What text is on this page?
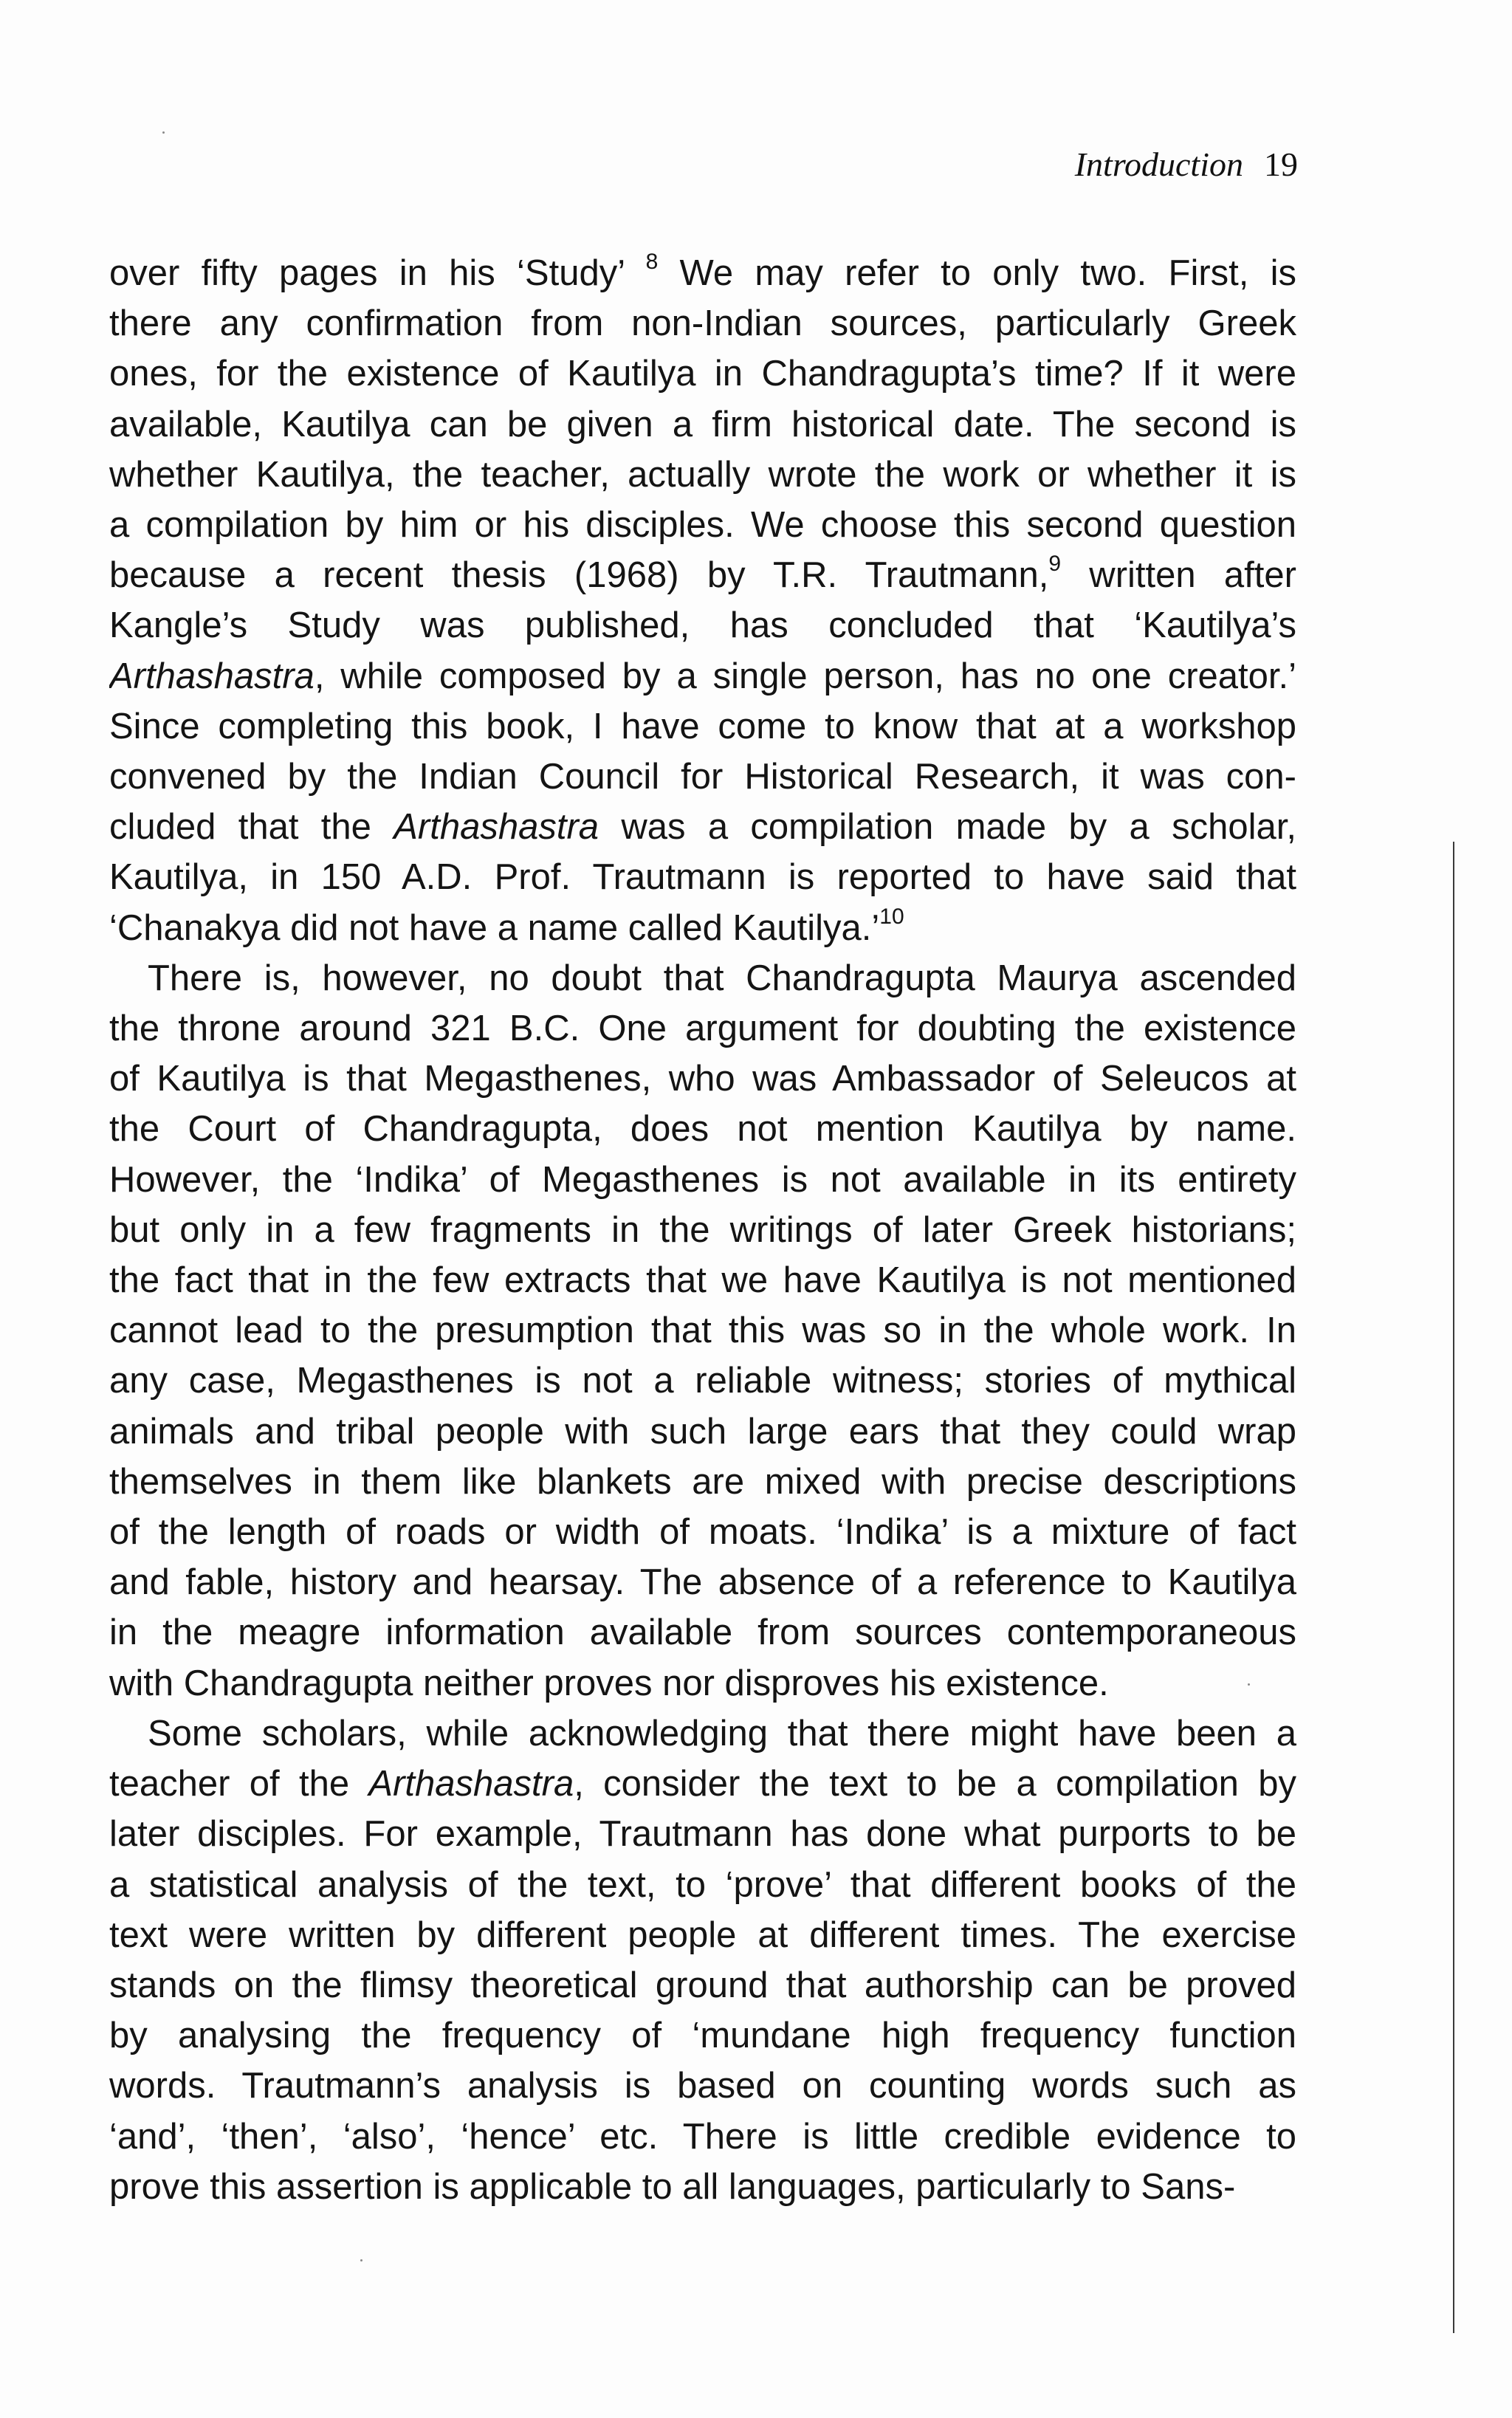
Introduction 19
over fifty pages in his ‘Study’ $^8$ We may refer to only two. First, is
there any confirmation from non-Indian sources, particularly Greek
ones, for the existence of Kautilya in Chandragupta’s time? If it were
available, Kautilya can be given a firm historical date. The second is
whether Kautilya, the teacher, actually wrote the work or whether it is
a compilation by him or his disciples. We choose this second question
because a recent thesis (1968) by T.R. Trautmann,$^9$ written after
Kangle’s Study was published, has concluded that ‘Kautilya’s
Arthashastra, while composed by a single person, has no one creator.’
Since completing this book, I have come to know that at a workshop
convened by the Indian Council for Historical Research, it was con-
cluded that the Arthashastra was a compilation made by a scholar,
Kautilya, in 150 A.D. Prof. Trautmann is reported to have said that
‘Chanakya did not have a name called Kautilya.’$^{10}$
There is, however, no doubt that Chandragupta Maurya ascended
the throne around 321 B.C. One argument for doubting the existence
of Kautilya is that Megasthenes, who was Ambassador of Seleucos at
the Court of Chandragupta, does not mention Kautilya by name.
However, the ‘Indika’ of Megasthenes is not available in its entirety
but only in a few fragments in the writings of later Greek historians;
the fact that in the few extracts that we have Kautilya is not mentioned
cannot lead to the presumption that this was so in the whole work. In
any case, Megasthenes is not a reliable witness; stories of mythical
animals and tribal people with such large ears that they could wrap
themselves in them like blankets are mixed with precise descriptions
of the length of roads or width of moats. ‘Indika’ is a mixture of fact
and fable, history and hearsay. The absence of a reference to Kautilya
in the meagre information available from sources contemporaneous
with Chandragupta neither proves nor disproves his existence.
Some scholars, while acknowledging that there might have been a
teacher of the Arthashastra, consider the text to be a compilation by
later disciples. For example, Trautmann has done what purports to be
a statistical analysis of the text, to ‘prove’ that different books of the
text were written by different people at different times. The exercise
stands on the flimsy theoretical ground that authorship can be proved
by analysing the frequency of ‘mundane high frequency function
words. Trautmann’s analysis is based on counting words such as
‘and’, ‘then’, ‘also’, ‘hence’ etc. There is little credible evidence to
prove this assertion is applicable to all languages, particularly to Sans-
